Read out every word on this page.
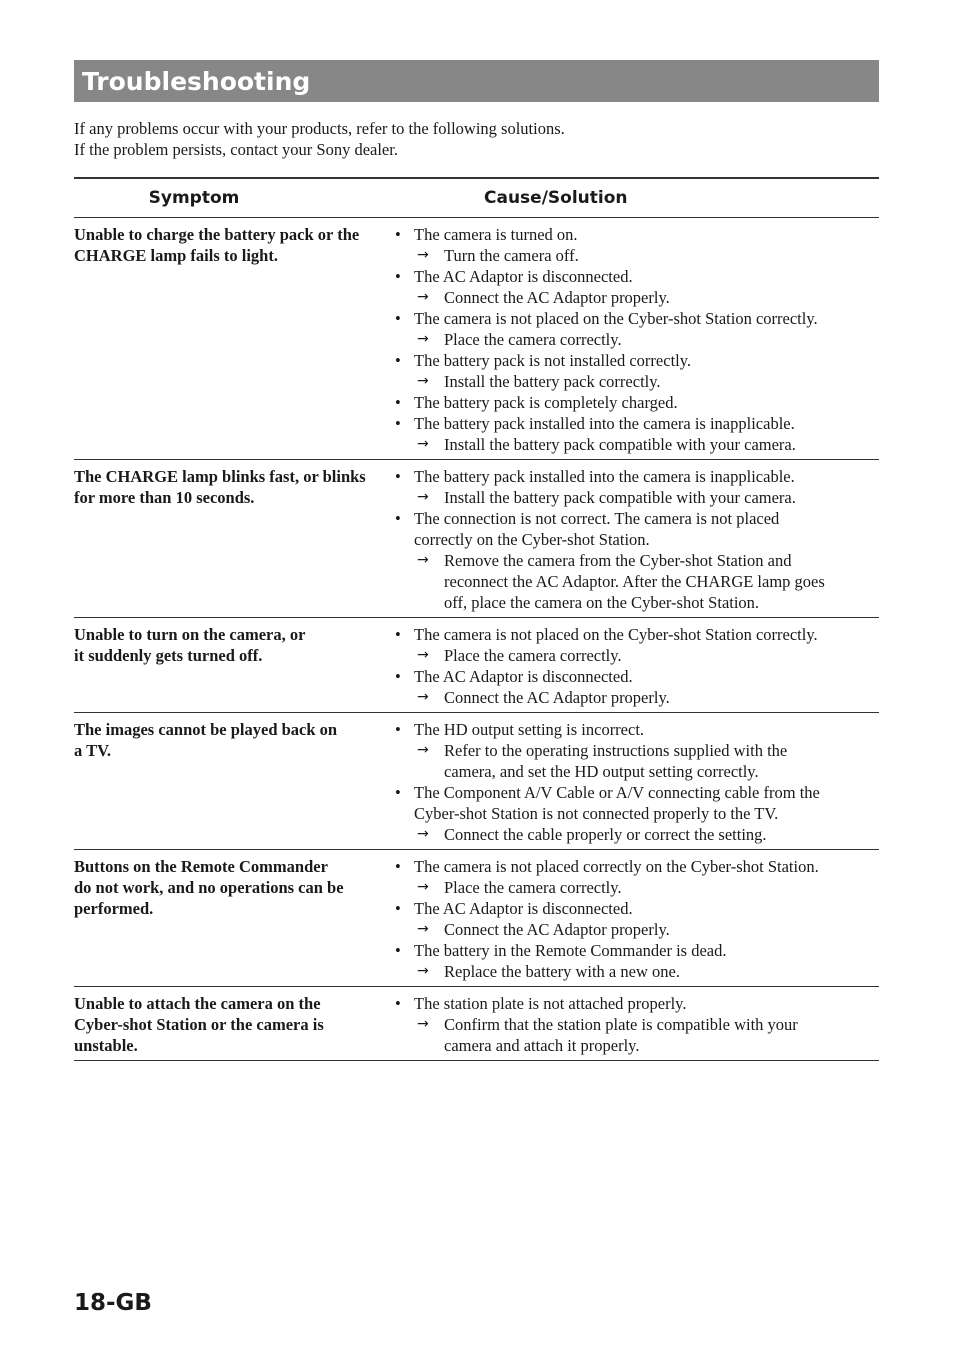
Troubleshooting

If any problems occur with your products, refer to the following solutions.

If the problem persists, contact your Sony dealer.

Symptom	Cause/Solution
Unable to charge the battery pack or the
CHARGE lamp fails to light.
• The camera is turned on.
→ Turn the camera off.
• The AC Adaptor is disconnected.
→ Connect the AC Adaptor properly.
• The camera is not placed on the Cyber-shot Station correctly.
→ Place the camera correctly.
• The battery pack is not installed correctly.
→ Install the battery pack correctly.
• The battery pack is completely charged.
• The battery pack installed into the camera is inapplicable.
→ Install the battery pack compatible with your camera.
The CHARGE lamp blinks fast, or blinks
for more than 10 seconds.
• The battery pack installed into the camera is inapplicable.
→ Install the battery pack compatible with your camera.
• The connection is not correct. The camera is not placed
correctly on the Cyber-shot Station.
→ Remove the camera from the Cyber-shot Station and
reconnect the AC Adaptor. After the CHARGE lamp goes
off, place the camera on the Cyber-shot Station.
Unable to turn on the camera, or
it suddenly gets turned off.
• The camera is not placed on the Cyber-shot Station correctly.
→ Place the camera correctly.
• The AC Adaptor is disconnected.
→ Connect the AC Adaptor properly.
The images cannot be played back on
a TV.
• The HD output setting is incorrect.
→ Refer to the operating instructions supplied with the
camera, and set the HD output setting correctly.
• The Component A/V Cable or A/V connecting cable from the
Cyber-shot Station is not connected properly to the TV.
→ Connect the cable properly or correct the setting.
Buttons on the Remote Commander
do not work, and no operations can be
performed.
• The camera is not placed correctly on the Cyber-shot Station.
→ Place the camera correctly.
• The AC Adaptor is disconnected.
→ Connect the AC Adaptor properly.
• The battery in the Remote Commander is dead.
→ Replace the battery with a new one.
Unable to attach the camera on the
Cyber-shot Station or the camera is
unstable.
• The station plate is not attached properly.
→ Confirm that the station plate is compatible with your
camera and attach it properly.
18-GB
